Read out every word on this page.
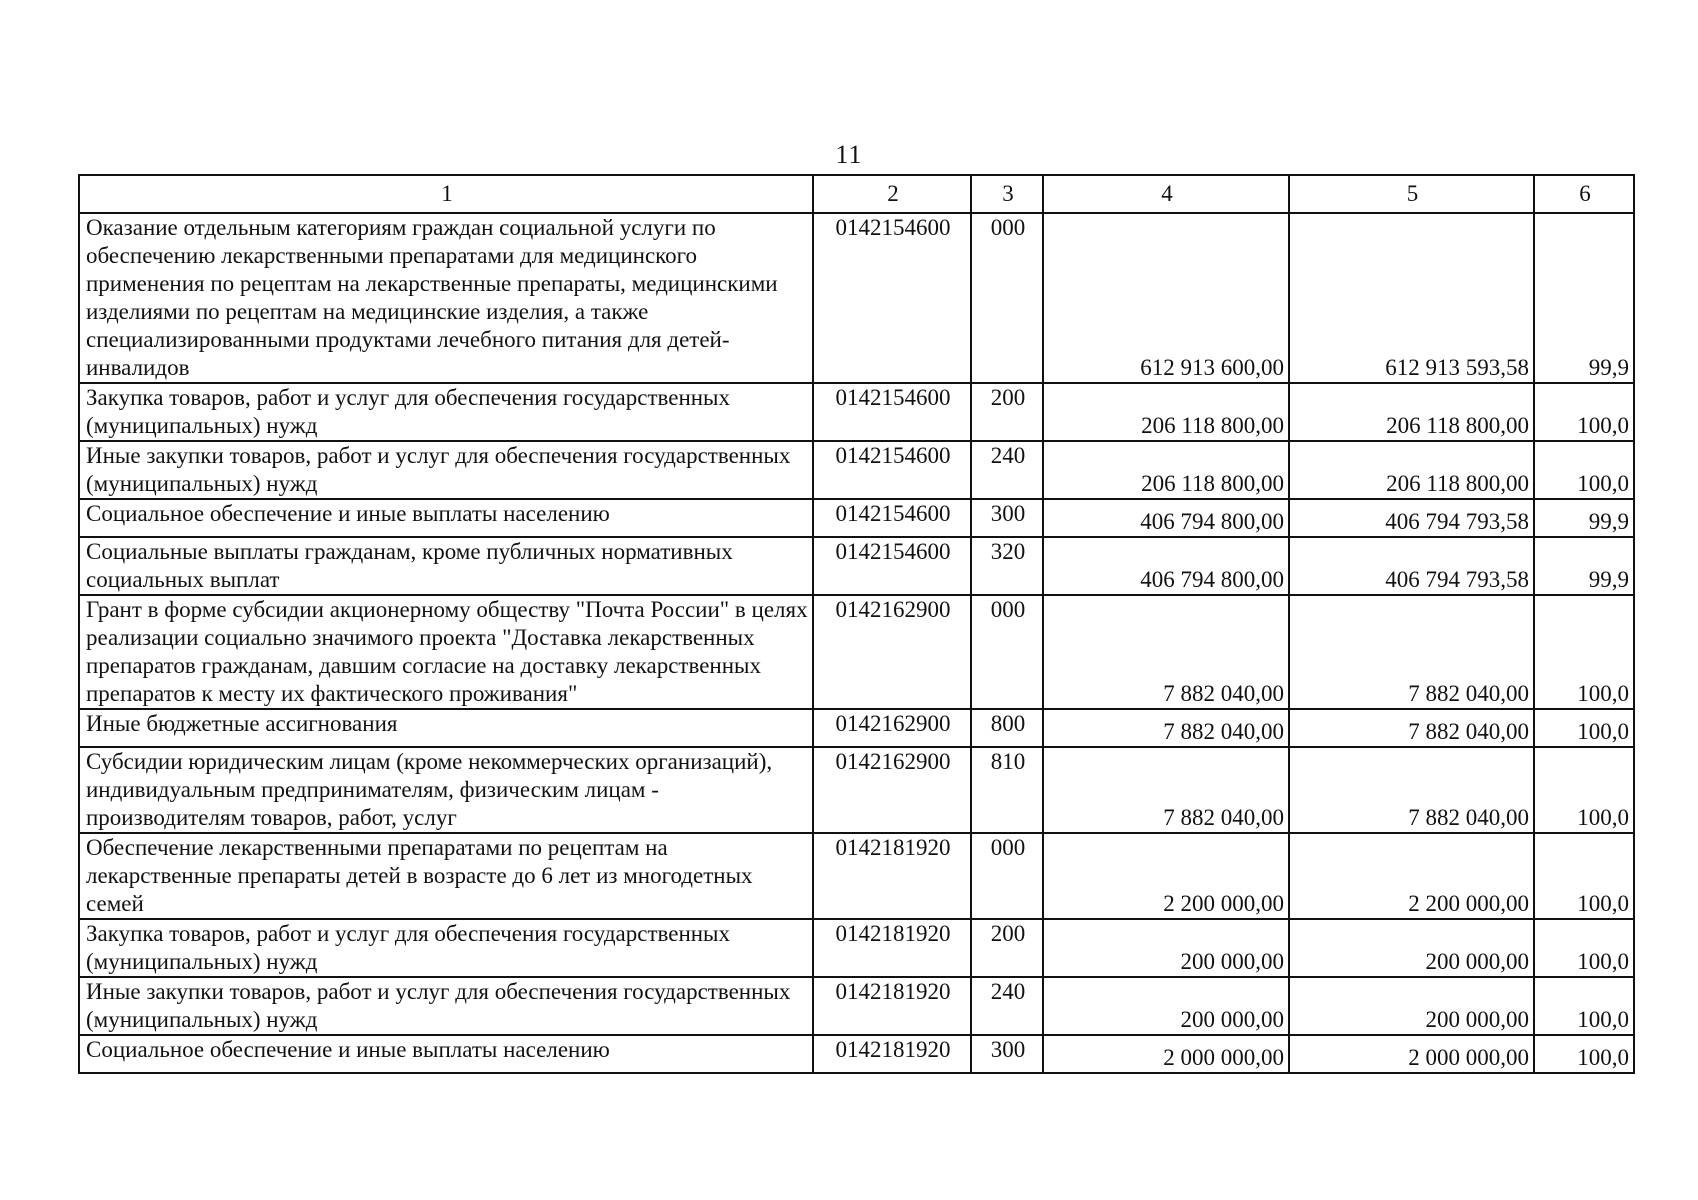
11
1	2	3	4	5	6
Оказание отдельным категориям граждан социальной услуги по обеспечению лекарственными препаратами для медицинского применения по рецептам на лекарственные препараты, медицинскими изделиями по рецептам на медицинские изделия, а также специализированными продуктами лечебного питания для детей-инвалидов	0142154600	000	612 913 600,00	612 913 593,58	99,9
Закупка товаров, работ и услуг для обеспечения государственных (муниципальных) нужд	0142154600	200	206 118 800,00	206 118 800,00	100,0
Иные закупки товаров, работ и услуг для обеспечения государственных (муниципальных) нужд	0142154600	240	206 118 800,00	206 118 800,00	100,0
Социальное обеспечение и иные выплаты населению	0142154600	300	406 794 800,00	406 794 793,58	99,9
Социальные выплаты гражданам, кроме публичных нормативных социальных выплат	0142154600	320	406 794 800,00	406 794 793,58	99,9
Грант в форме субсидии акционерному обществу "Почта России" в целях реализации социально значимого проекта "Доставка лекарственных препаратов гражданам, давшим согласие на доставку лекарственных препаратов к месту их фактического проживания"	0142162900	000	7 882 040,00	7 882 040,00	100,0
Иные бюджетные ассигнования	0142162900	800	7 882 040,00	7 882 040,00	100,0
Субсидии юридическим лицам (кроме некоммерческих организаций), индивидуальным предпринимателям, физическим лицам - производителям товаров, работ, услуг	0142162900	810	7 882 040,00	7 882 040,00	100,0
Обеспечение лекарственными препаратами по рецептам на лекарственные препараты детей в возрасте до 6 лет из многодетных семей	0142181920	000	2 200 000,00	2 200 000,00	100,0
Закупка товаров, работ и услуг для обеспечения государственных (муниципальных) нужд	0142181920	200	200 000,00	200 000,00	100,0
Иные закупки товаров, работ и услуг для обеспечения государственных (муниципальных) нужд	0142181920	240	200 000,00	200 000,00	100,0
Социальное обеспечение и иные выплаты населению	0142181920	300	2 000 000,00	2 000 000,00	100,0
